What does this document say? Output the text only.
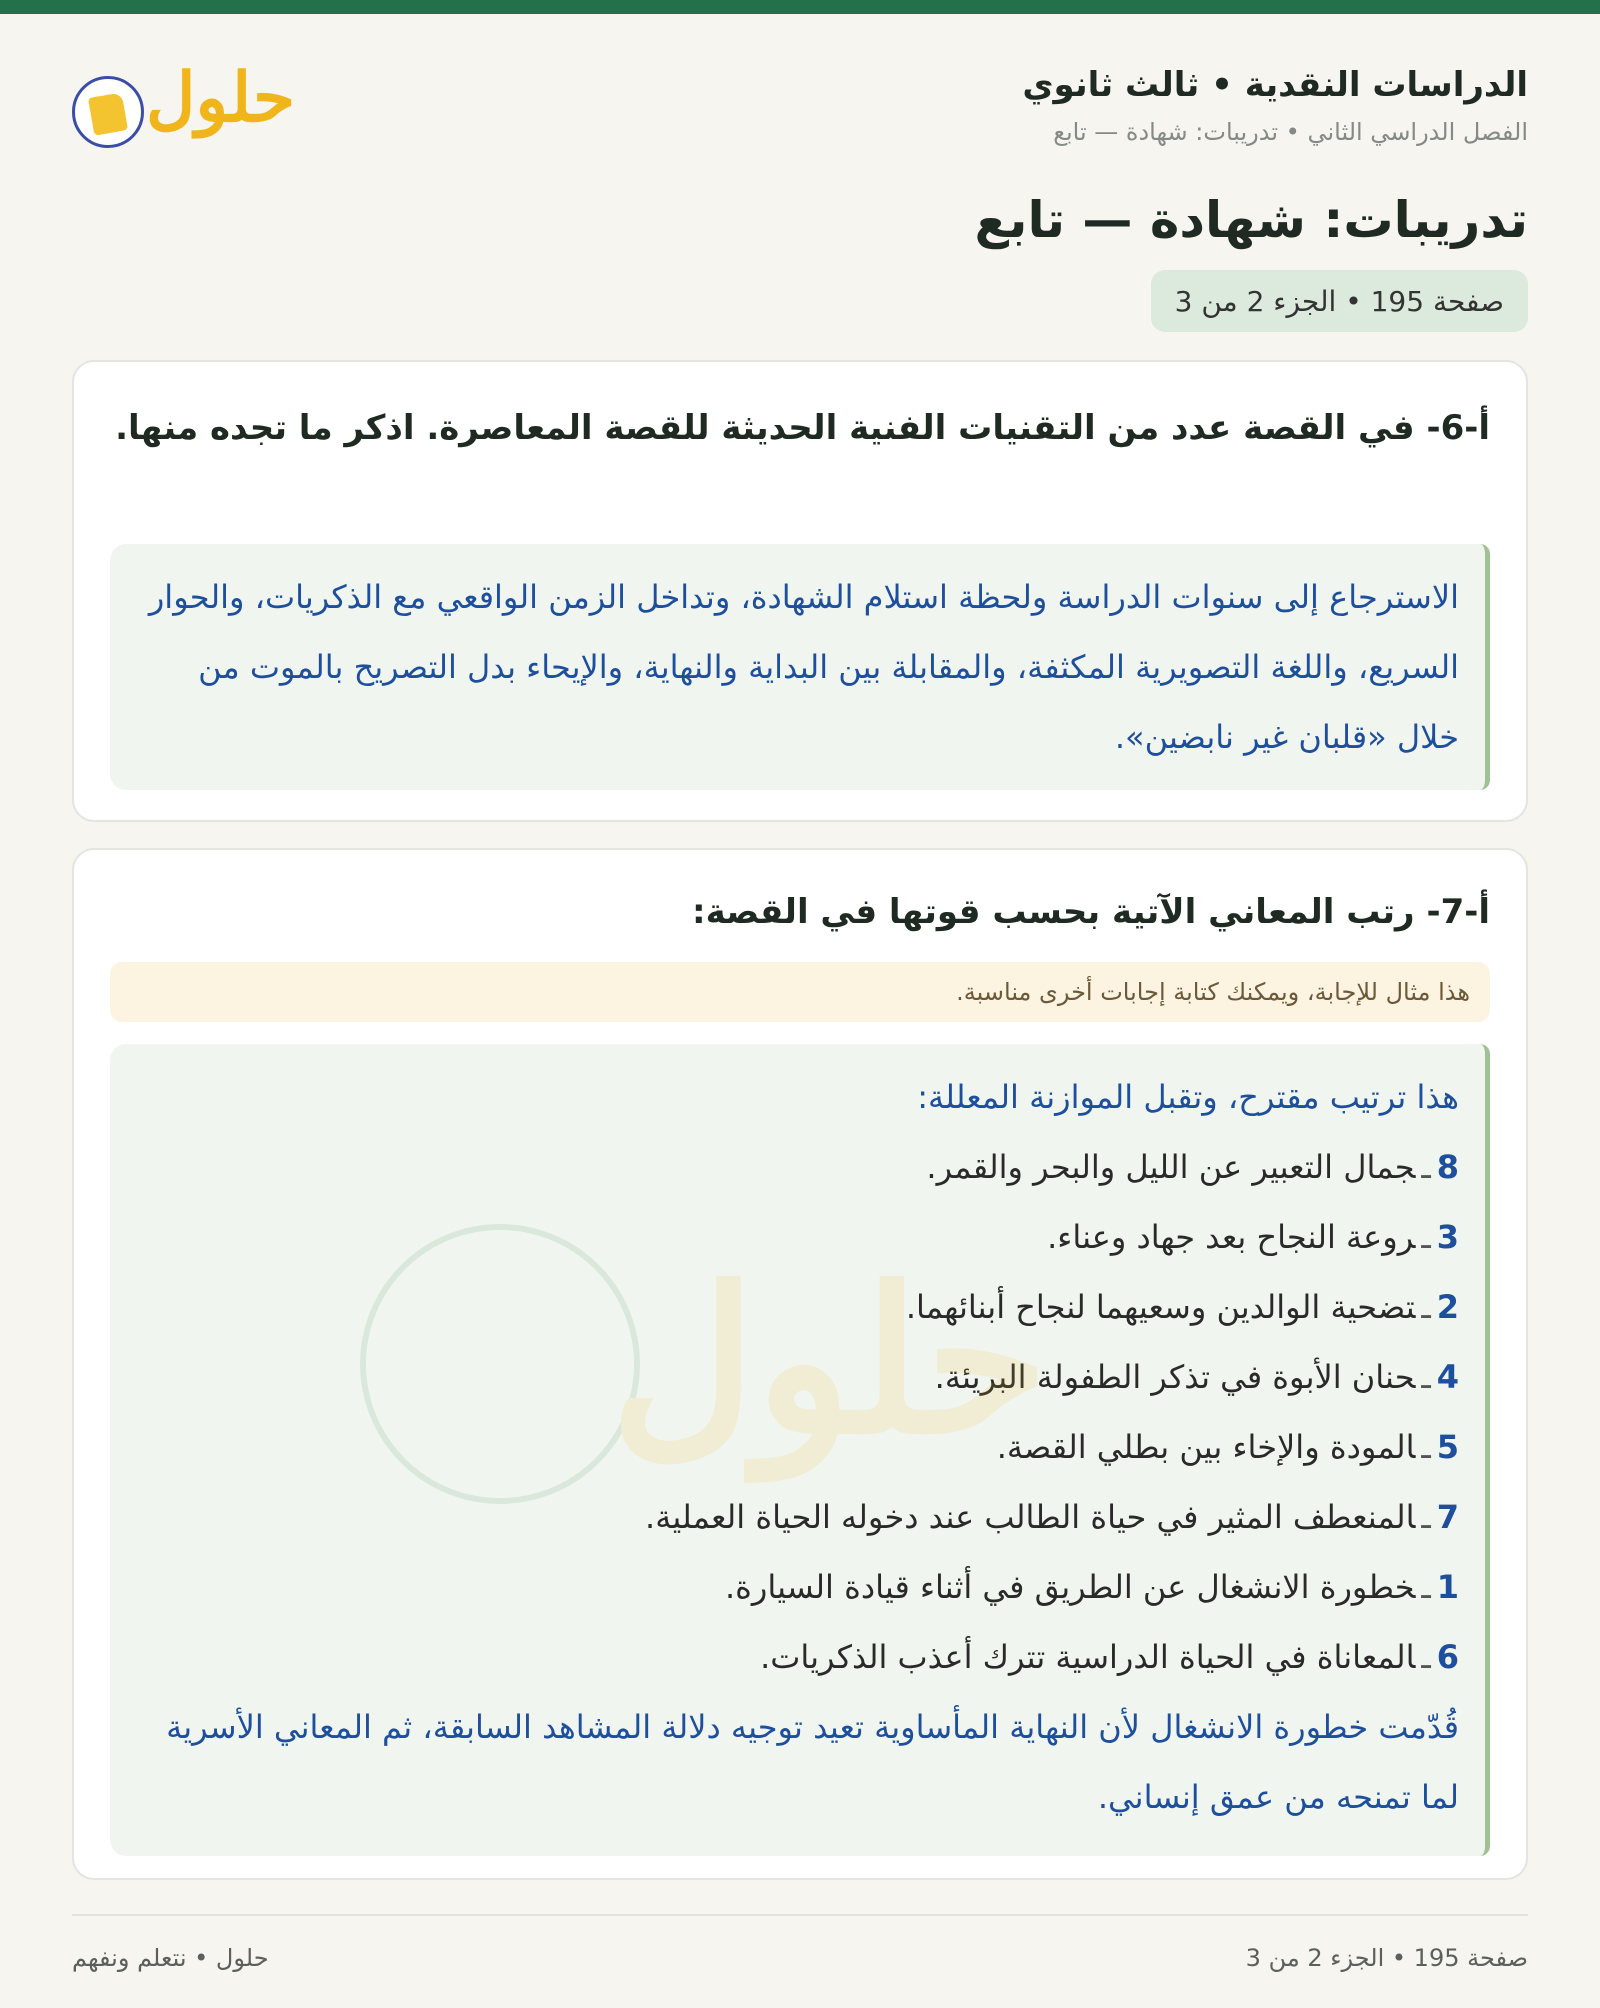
الدراسات النقدية • ثالث ثانوي
الفصل الدراسي الثاني • تدريبات: شهادة — تابع
حلول
تدريبات: شهادة — تابع
صفحة 195 • الجزء 2 من 3
أ-6- في القصة عدد من التقنيات الفنية الحديثة للقصة المعاصرة. اذكر ما تجده منها.
الاسترجاع إلى سنوات الدراسة ولحظة استلام الشهادة، وتداخل الزمن الواقعي مع الذكريات، والحوار السريع، واللغة التصويرية المكثفة، والمقابلة بين البداية والنهاية، والإيحاء بدل التصريح بالموت من خلال «قلبان غير نابضين».
أ-7- رتب المعاني الآتية بحسب قوتها في القصة:
هذا مثال للإجابة، ويمكنك كتابة إجابات أخرى مناسبة.
حلول
هذا ترتيب مقترح، وتقبل الموازنة المعللة:
8ـجمال التعبير عن الليل والبحر والقمر.
3ـروعة النجاح بعد جهاد وعناء.
2ـتضحية الوالدين وسعيهما لنجاح أبنائهما.
4ـحنان الأبوة في تذكر الطفولة البريئة.
5ـالمودة والإخاء بين بطلي القصة.
7ـالمنعطف المثير في حياة الطالب عند دخوله الحياة العملية.
1ـخطورة الانشغال عن الطريق في أثناء قيادة السيارة.
6ـالمعاناة في الحياة الدراسية تترك أعذب الذكريات.
قُدّمت خطورة الانشغال لأن النهاية المأساوية تعيد توجيه دلالة المشاهد السابقة، ثم المعاني الأسرية لما تمنحه من عمق إنساني.
صفحة 195 • الجزء 2 من 3
حلول • نتعلم ونفهم
